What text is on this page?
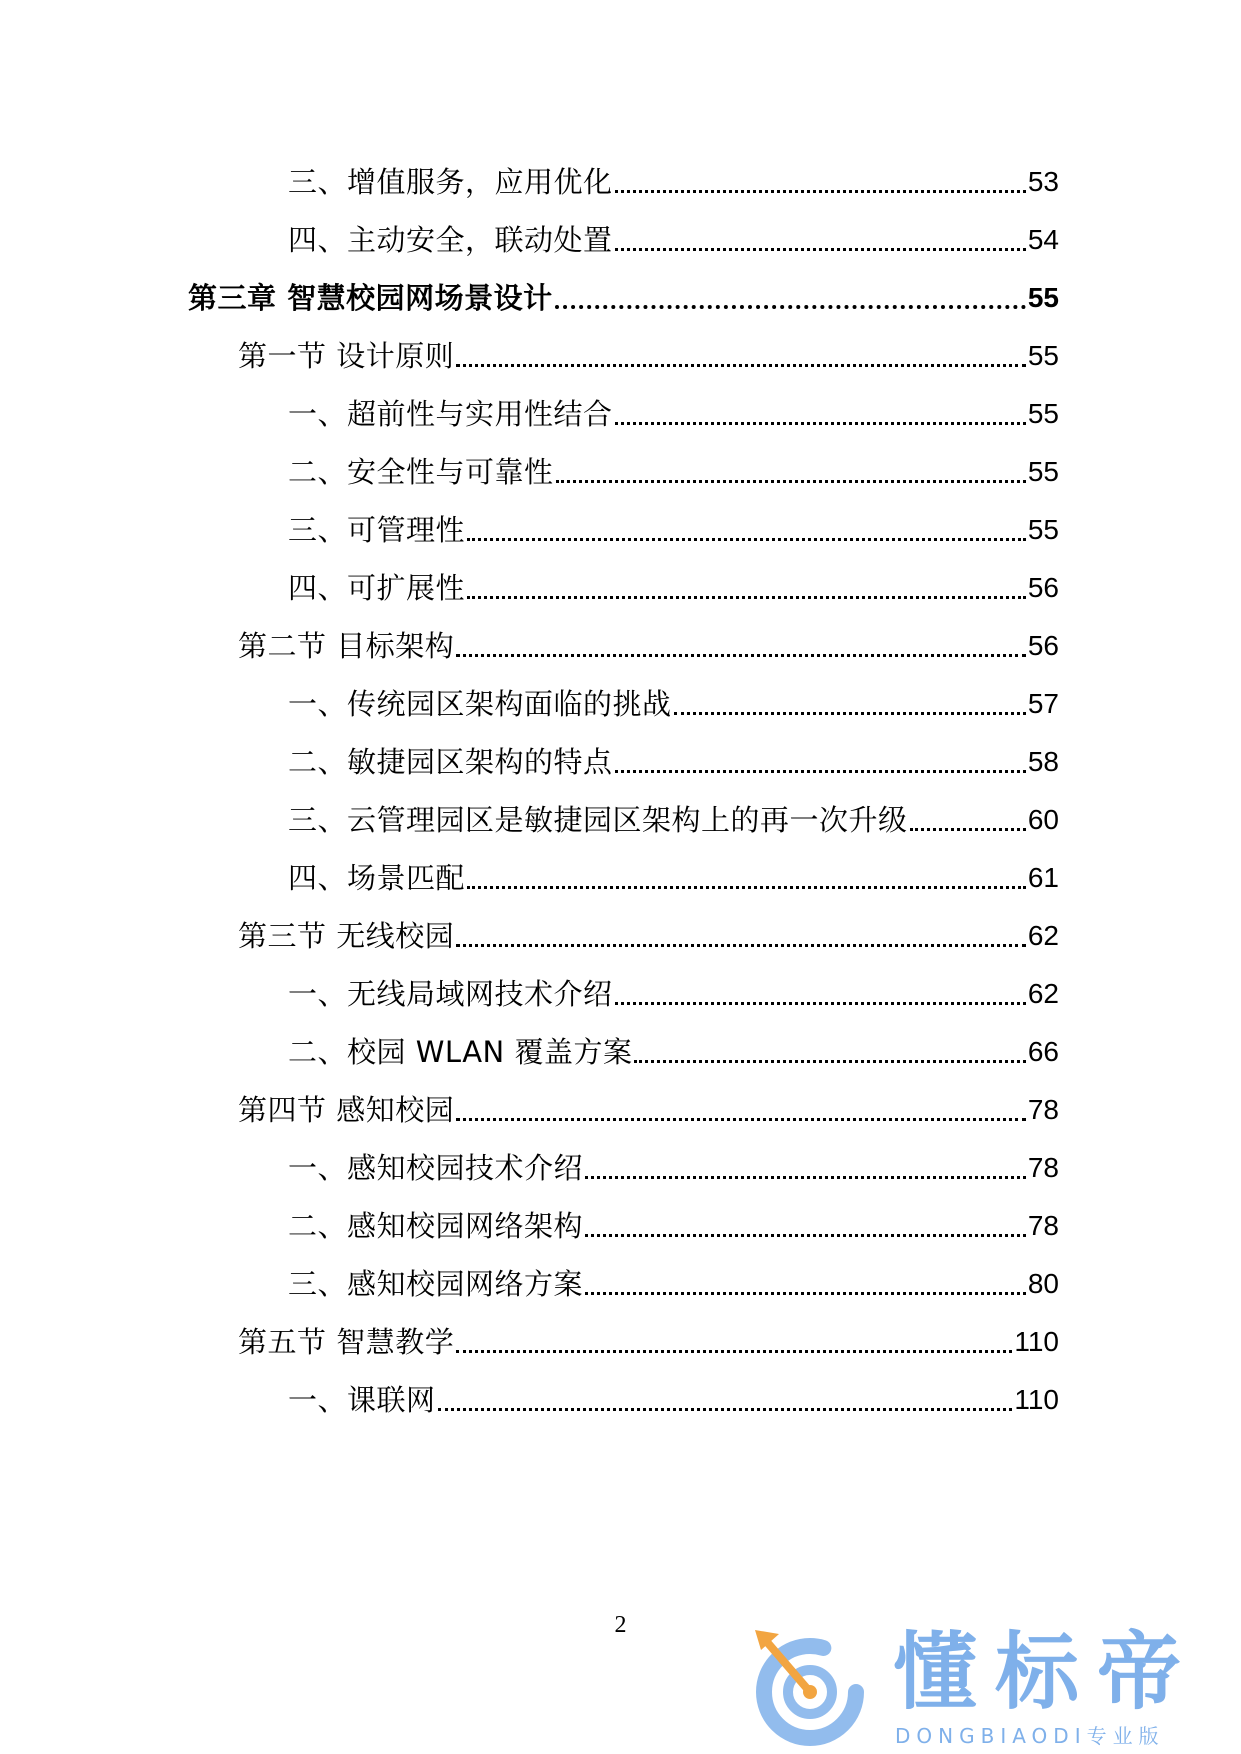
三、增值服务，应用优化	53
四、主动安全，联动处置	54
第三章 智慧校园网场景设计	55
第一节 设计原则	55
一、超前性与实用性结合	55
二、安全性与可靠性	55
三、可管理性	55
四、可扩展性	56
第二节 目标架构	56
一、传统园区架构面临的挑战	57
二、敏捷园区架构的特点	58
三、云管理园区是敏捷园区架构上的再一次升级	60
四、场景匹配	61
第三节 无线校园	62
一、无线局域网技术介绍	62
二、校园 WLAN 覆盖方案	66
第四节 感知校园	78
一、感知校园技术介绍	78
二、感知校园网络架构	78
三、感知校园网络方案	80
第五节 智慧教学	110
一、课联网	110
2	懂标帝
DONGBIAODI专业版
